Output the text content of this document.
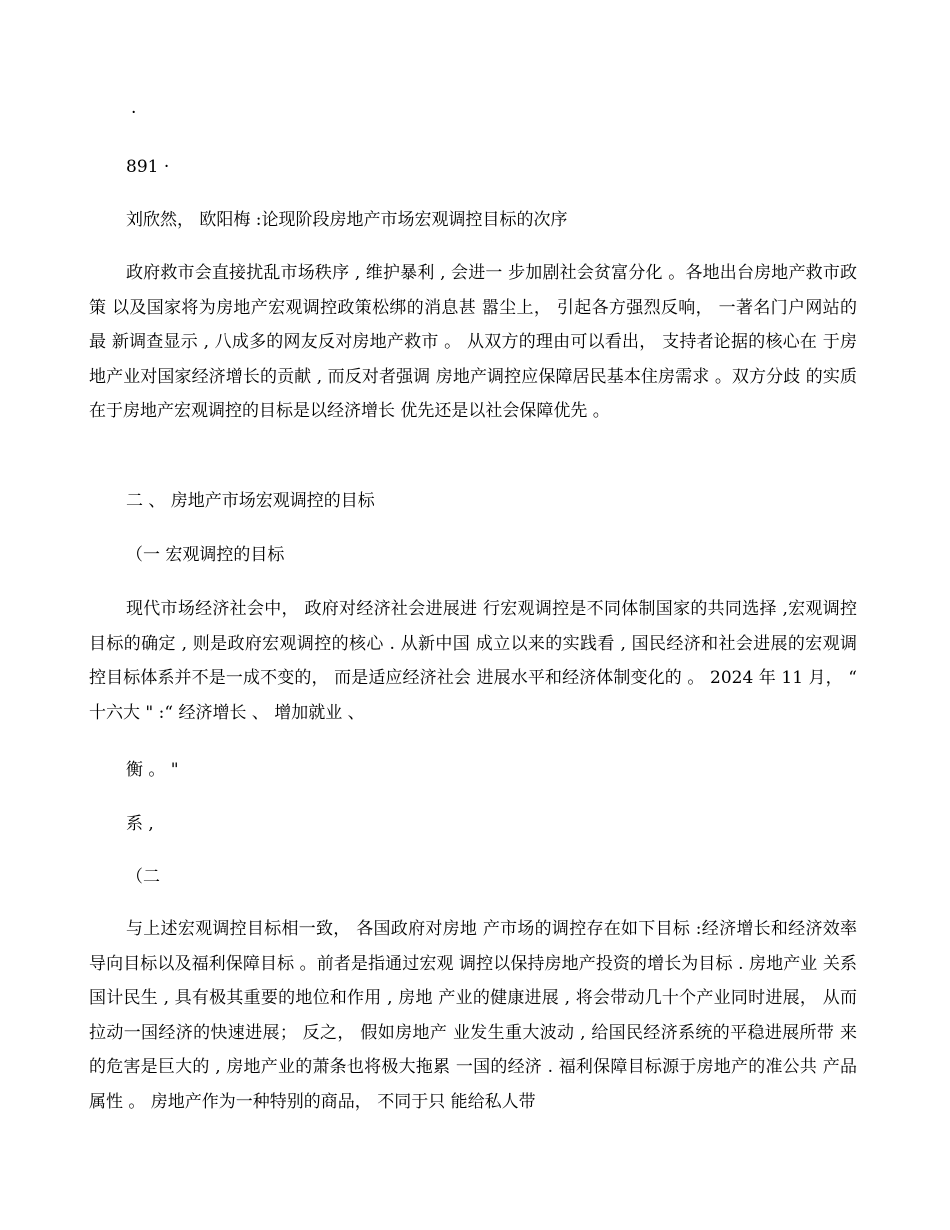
·
891 ·
刘欣然， 欧阳梅 :论现阶段房地产市场宏观调控目标的次序
政府救市会直接扰乱市场秩序 , 维护暴利 , 会进一 步加剧社会贫富分化 。各地出台房地产救市政策 以及国家将为房地产宏观调控政策松绑的消息甚 嚣尘上， 引起各方强烈反响， 一著名门户网站的最 新调查显示 , 八成多的网友反对房地产救市 。 从双方的理由可以看出， 支持者论据的核心在 于房地产业对国家经济增长的贡献 , 而反对者强调 房地产调控应保障居民基本住房需求 。双方分歧 的实质在于房地产宏观调控的目标是以经济增长 优先还是以社会保障优先 。
二 、 房地产市场宏观调控的目标
（一 宏观调控的目标
现代市场经济社会中， 政府对经济社会进展进 行宏观调控是不同体制国家的共同选择 ,宏观调控 目标的确定 , 则是政府宏观调控的核心 . 从新中国 成立以来的实践看 , 国民经济和社会进展的宏观调 控目标体系并不是一成不变的， 而是适应经济社会 进展水平和经济体制变化的 。 2024 年 11 月， “ 十六大 " :“ 经济增长 、 增加就业 、
衡 。 "
系 ,
（二
与上述宏观调控目标相一致， 各国政府对房地 产市场的调控存在如下目标 :经济增长和经济效率 导向目标以及福利保障目标 。前者是指通过宏观 调控以保持房地产投资的增长为目标 . 房地产业 关系国计民生 , 具有极其重要的地位和作用 , 房地 产业的健康进展 , 将会带动几十个产业同时进展， 从而拉动一国经济的快速进展； 反之， 假如房地产 业发生重大波动 , 给国民经济系统的平稳进展所带 来的危害是巨大的 , 房地产业的萧条也将极大拖累 一国的经济 . 福利保障目标源于房地产的准公共 产品属性 。 房地产作为一种特别的商品， 不同于只 能给私人带
